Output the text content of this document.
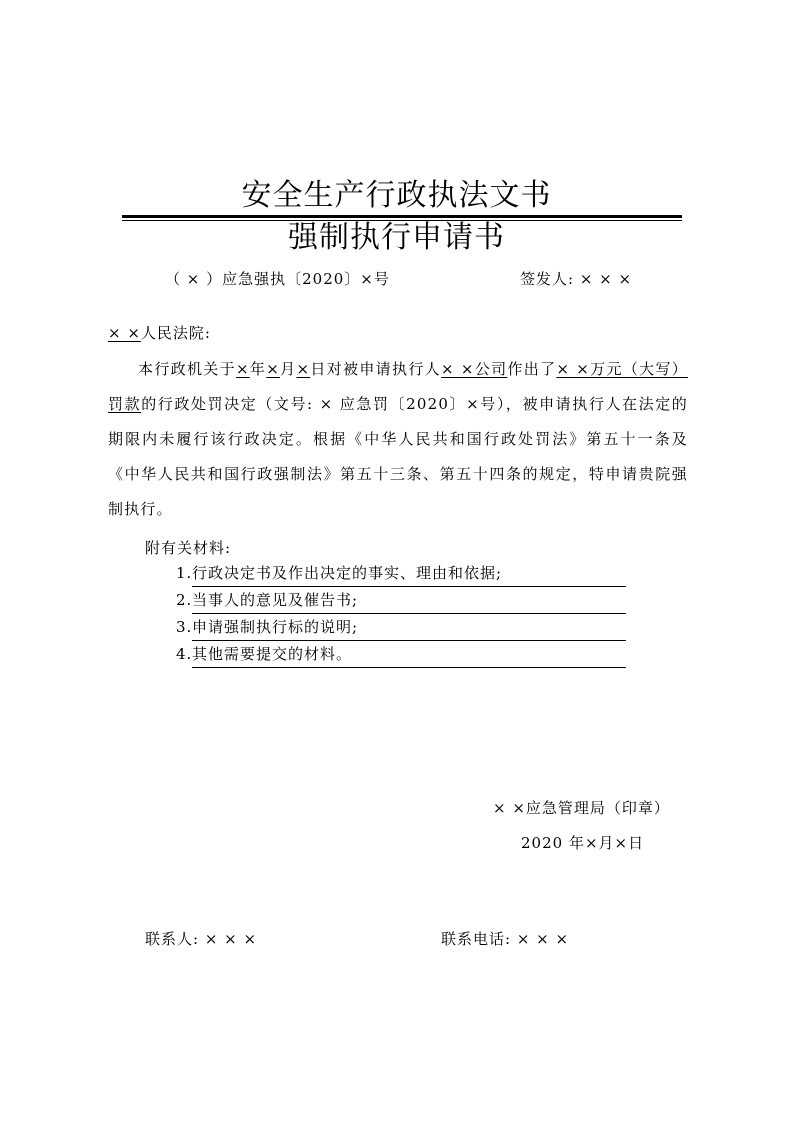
安全生产行政执法文书
强制执行申请书
（ × ）应急强执〔2020〕×号	签发人: × × ×
× ×人民法院:
本行政机关于×年×月×日对被申请执行人× ×公司作出了× ×万元（大写）罚款的行政处罚决定（文号: × 应急罚〔2020〕×号），被申请执行人在法定的期限内未履行该行政决定。根据《中华人民共和国行政处罚法》第五十一条及《中华人民共和国行政强制法》第五十三条、第五十四条的规定，特申请贵院强制执行。
附有关材料:
1. 行政决定书及作出决定的事实、理由和依据;
2. 当事人的意见及催告书;
3. 申请强制执行标的说明;
4. 其他需要提交的材料。
× ×应急管理局（印章）
2020 年×月×日
联系人: × × ×	联系电话: × × ×
